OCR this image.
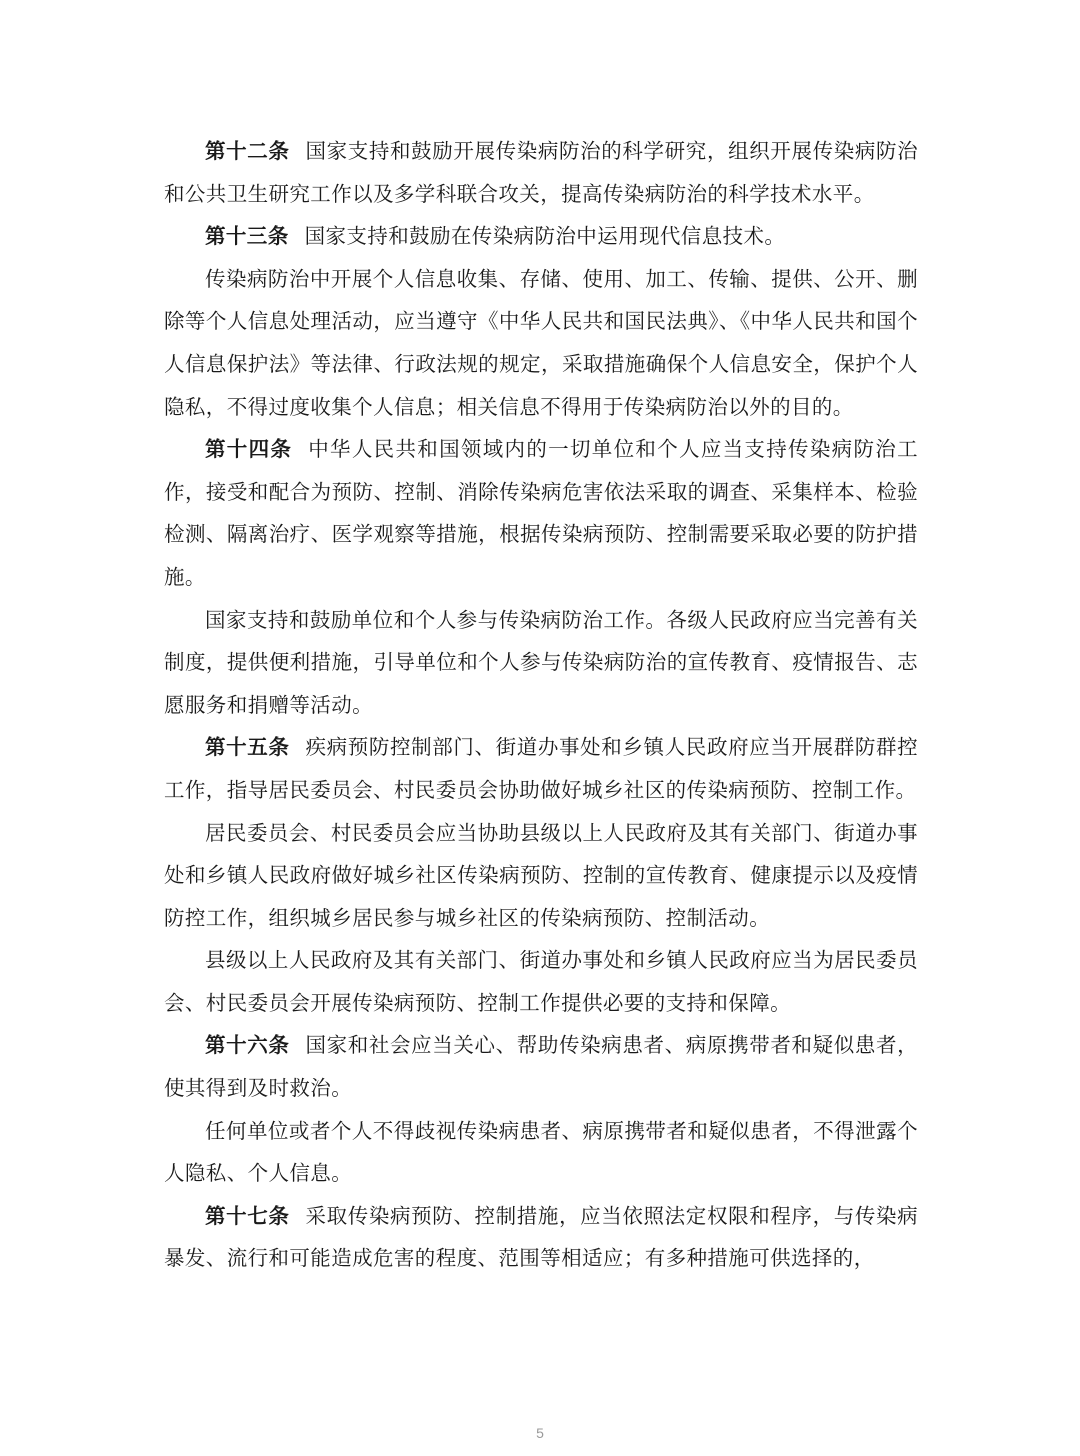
第十二条 国家支持和鼓励开展传染病防治的科学研究，组织开展传染病防治和公共卫生研究工作以及多学科联合攻关，提高传染病防治的科学技术水平。

第十三条 国家支持和鼓励在传染病防治中运用现代信息技术。

传染病防治中开展个人信息收集、存储、使用、加工、传输、提供、公开、删除等个人信息处理活动，应当遵守《中华人民共和国民法典》、《中华人民共和国个人信息保护法》等法律、行政法规的规定，采取措施确保个人信息安全，保护个人隐私，不得过度收集个人信息；相关信息不得用于传染病防治以外的目的。

第十四条 中华人民共和国领域内的一切单位和个人应当支持传染病防治工作，接受和配合为预防、控制、消除传染病危害依法采取的调查、采集样本、检验检测、隔离治疗、医学观察等措施，根据传染病预防、控制需要采取必要的防护措施。

国家支持和鼓励单位和个人参与传染病防治工作。各级人民政府应当完善有关制度，提供便利措施，引导单位和个人参与传染病防治的宣传教育、疫情报告、志愿服务和捐赠等活动。

第十五条 疾病预防控制部门、街道办事处和乡镇人民政府应当开展群防群控工作，指导居民委员会、村民委员会协助做好城乡社区的传染病预防、控制工作。

居民委员会、村民委员会应当协助县级以上人民政府及其有关部门、街道办事处和乡镇人民政府做好城乡社区传染病预防、控制的宣传教育、健康提示以及疫情防控工作，组织城乡居民参与城乡社区的传染病预防、控制活动。

县级以上人民政府及其有关部门、街道办事处和乡镇人民政府应当为居民委员会、村民委员会开展传染病预防、控制工作提供必要的支持和保障。

第十六条 国家和社会应当关心、帮助传染病患者、病原携带者和疑似患者，使其得到及时救治。

任何单位或者个人不得歧视传染病患者、病原携带者和疑似患者，不得泄露个人隐私、个人信息。

第十七条 采取传染病预防、控制措施，应当依照法定权限和程序，与传染病暴发、流行和可能造成危害的程度、范围等相适应；有多种措施可供选择的，

5
